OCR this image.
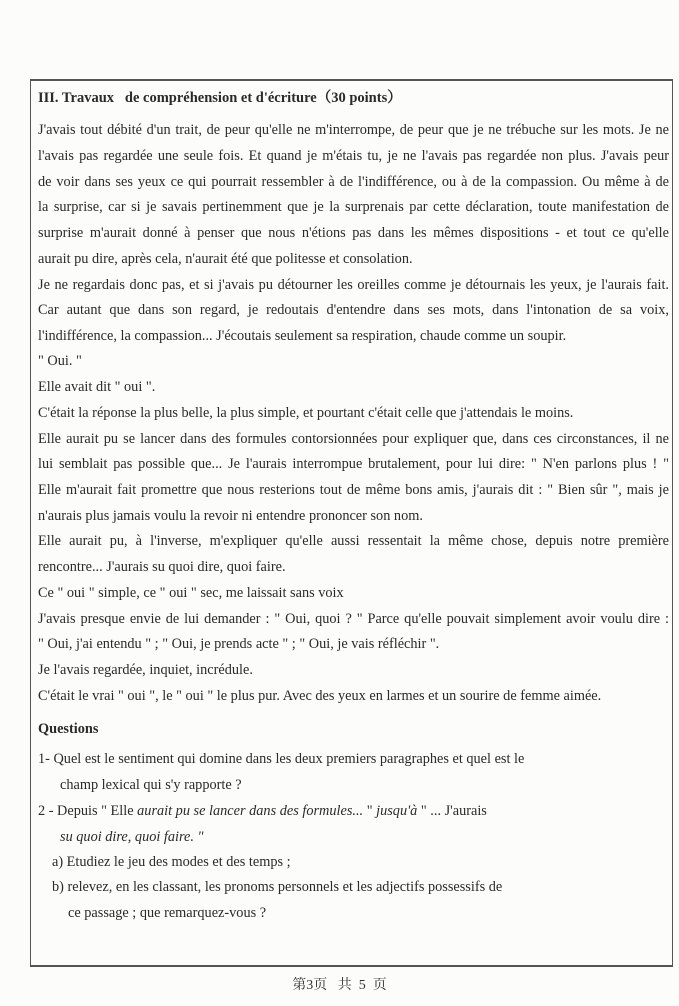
III. Travaux   de compréhension et d'écriture（30 points）
J'avais tout débité d'un trait, de peur qu'elle ne m'interrompe, de peur que je ne trébuche sur les mots. Je ne
l'avais pas regardée une seule fois. Et quand je m'étais tu, je ne l'avais pas regardée non plus. J'avais peur
de voir dans ses yeux ce qui pourrait ressembler à de l'indifférence, ou à de la compassion. Ou même à de
la surprise, car si je savais pertinemment que je la surprenais par cette déclaration, toute manifestation de
surprise m'aurait donné à penser que nous n'étions pas dans les mêmes dispositions - et tout ce qu'elle
aurait pu dire, après cela, n'aurait été que politesse et consolation.
Je ne regardais donc pas, et si j'avais pu détourner les oreilles comme je détournais les yeux, je l'aurais fait.
Car autant que dans son regard, je redoutais d'entendre dans ses mots, dans l'intonation de sa voix,
l'indifférence, la compassion... J'écoutais seulement sa respiration, chaude comme un soupir.
" Oui. "
Elle avait dit " oui ".
C'était la réponse la plus belle, la plus simple, et pourtant c'était celle que j'attendais le moins.
Elle aurait pu se lancer dans des formules contorsionnées pour expliquer que, dans ces circonstances, il ne
lui semblait pas possible que... Je l'aurais interrompue brutalement, pour lui dire: " N'en parlons plus ! "
Elle m'aurait fait promettre que nous resterions tout de même bons amis, j'aurais dit : " Bien sûr ", mais je
n'aurais plus jamais voulu la revoir ni entendre prononcer son nom.
Elle aurait pu, à l'inverse, m'expliquer qu'elle aussi ressentait la même chose, depuis notre première
rencontre... J'aurais su quoi dire, quoi faire.
Ce " oui " simple, ce " oui " sec, me laissait sans voix
J'avais presque envie de lui demander : " Oui, quoi ? " Parce qu'elle pouvait simplement avoir voulu dire :
" Oui, j'ai entendu " ; " Oui, je prends acte " ; " Oui, je vais réfléchir ".
Je l'avais regardée, inquiet, incrédule.
C'était le vrai " oui ", le " oui " le plus pur. Avec des yeux en larmes et un sourire de femme aimée.
Questions
1- Quel est le sentiment qui domine dans les deux premiers paragraphes et quel est le
champ lexical qui s'y rapporte ?
2 - Depuis " Elle aurait pu se lancer dans des formules... " jusqu'à " ... J'aurais
su quoi dire, quoi faire. "
a) Etudiez le jeu des modes et des temps ;
b) relevez, en les classant, les pronoms personnels et les adjectifs possessifs de
ce passage ; que remarquez-vous ?
第3页   共  5  页
